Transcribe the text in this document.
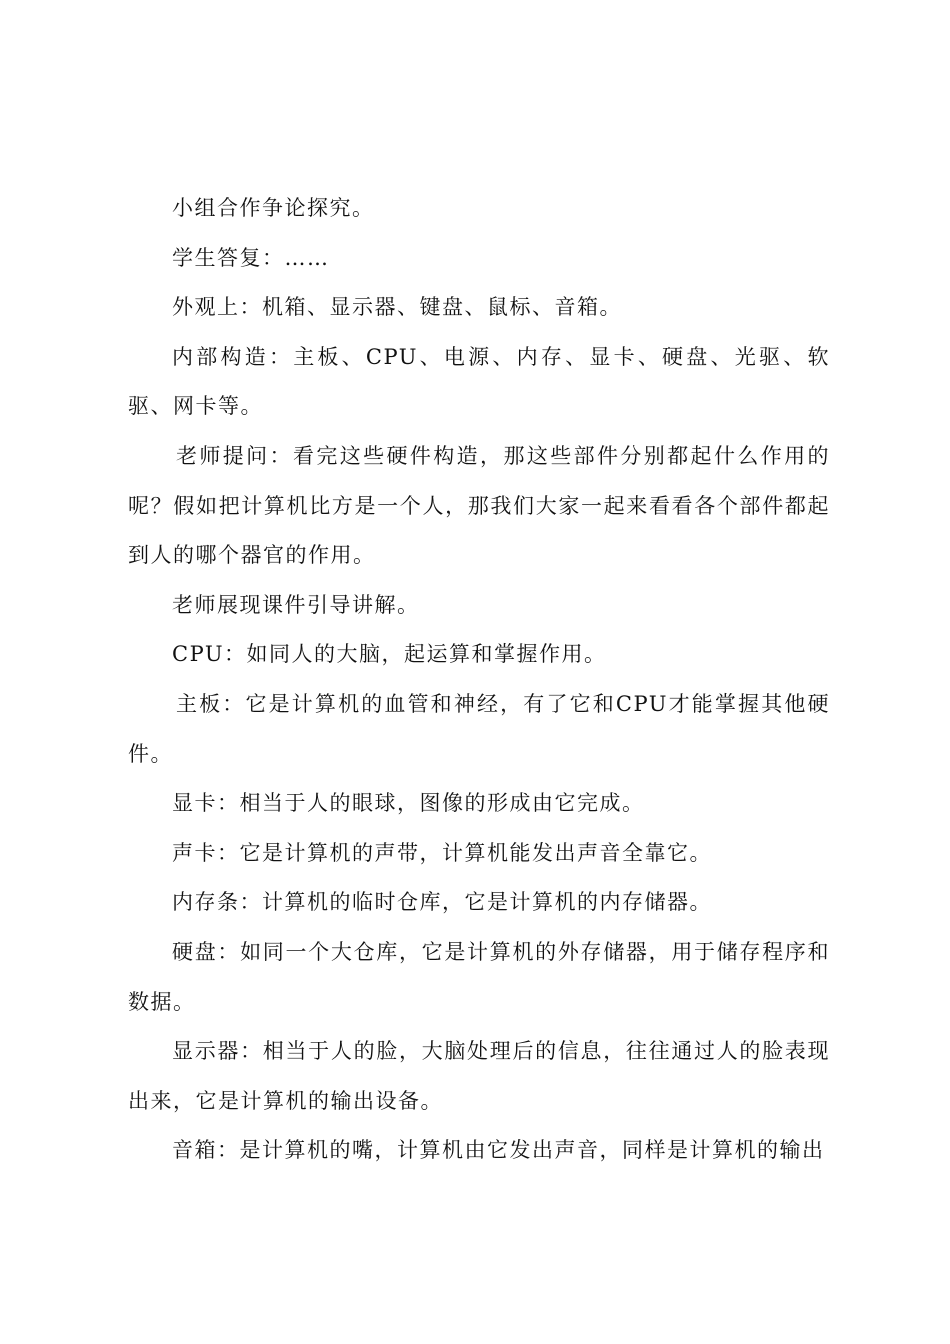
小组合作争论探究。

学生答复：……

外观上：机箱、显示器、键盘、鼠标、音箱。

内部构造：主板、CPU、电源、内存、显卡、硬盘、光驱、软驱、网卡等。

老师提问：看完这些硬件构造，那这些部件分别都起什么作用的呢？假如把计算机比方是一个人，那我们大家一起来看看各个部件都起到人的哪个器官的作用。

老师展现课件引导讲解。

CPU：如同人的大脑，起运算和掌握作用。

主板：它是计算机的血管和神经，有了它和CPU才能掌握其他硬件。

显卡：相当于人的眼球，图像的形成由它完成。

声卡：它是计算机的声带，计算机能发出声音全靠它。

内存条：计算机的临时仓库，它是计算机的内存储器。

硬盘：如同一个大仓库，它是计算机的外存储器，用于储存程序和数据。

显示器：相当于人的脸，大脑处理后的信息，往往通过人的脸表现出来，它是计算机的输出设备。

音箱：是计算机的嘴，计算机由它发出声音，同样是计算机的输出
